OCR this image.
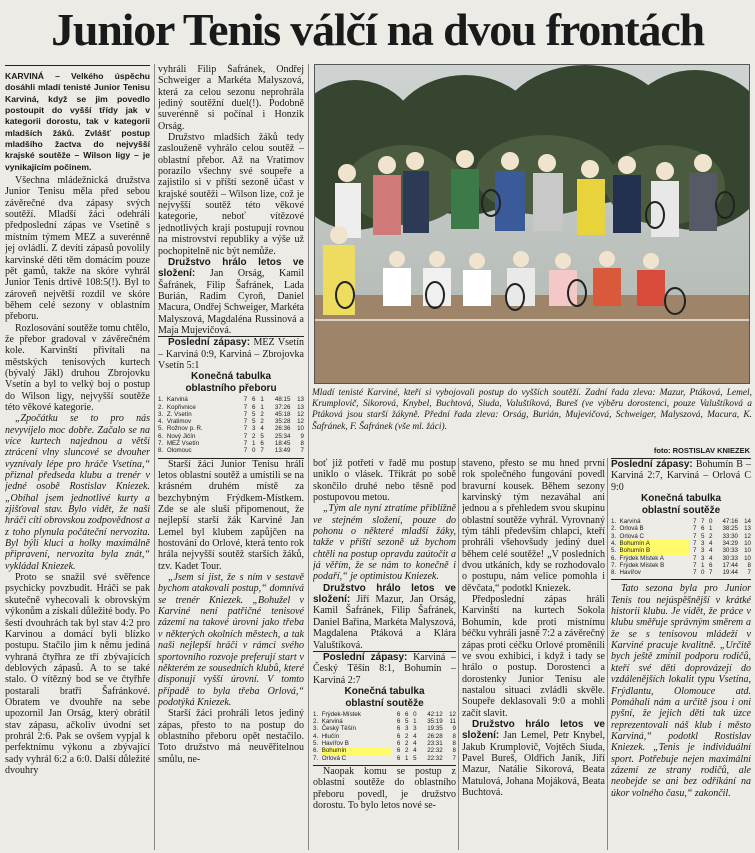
Junior Tenis válčí na dvou frontách

KARVINÁ – Velkého úspěchu dosáhli mladí tenisté Junior Tenisu Karviná, když se jim povedlo postoupit do vyšší třídy jak v kategorii dorostu, tak v kategorii mladších žáků. Zvlášť postup mladšího žactva do nejvyšší krajské soutěže – Wilson ligy – je vynikajícím počinem.

Všechna mládežnická družstva Junior Tenisu měla před sebou závěrečné dva zápasy svých soutěží. Mladší žáci odehráli předposlední zápas ve Vsetíně s místním týmem MEZ a suverénně jej ovládli. Z devíti zápasů povolily karvinské děti těm domácím pouze pět gamů, takže na skóre vyhrál Junior Tenis drtivě 108:5(!). Byl to zároveň největší rozdíl ve skóre během celé sezony v oblastním přeboru.

Rozlosování soutěže tomu chtělo, že přebor gradoval v závěrečném kole. Karvinští přivítali na městských tenisových kurtech (bývalý Jäkl) druhou Zbrojovku Vsetín a byl to velký boj o postup do Wilson ligy, nejvyšší soutěže této věkové kategorie.

„Zpočátku se to pro nás nevyvíjelo moc dobře. Začalo se na více kurtech najednou a větší ztrácení vlny sluncové se dvouher vyznívaly lépe pro hráče Vsetína,“ přiznal předseda klubu a trenér v jedné osobě Rostislav Kniezek. „Obíhal jsem jednotlivé kurty a zjišťoval stav. Bylo vidět, že naši hráči cítí obrovskou zodpovědnost a z toho plynula počáteční nervozita. Byl býli kluci a holky maximálně připravení, nervozita byla znát,“ vykládal Kniezek.

Proto se snažil své svěřence psychicky povzbudit. Hráči se pak skutečně vyhecovali k obrovským výkonům a získali důležité body. Po šesti dvouhrách tak byl stav 4:2 pro Karvinou a domácí byli blízko postupu. Stačilo jim k němu jediná vyhraná čtyřhra ze tří zbývajících deblových zápasů. A to se také stalo. O vítězný bod se ve čtyřhře postarali bratři Šafránkové. Obratem ve dvouhře na sebe upozornil Jan Orság, který obrátil stav zápasu, ačkoliv úvodní set prohrál 2:6. Pak se ovšem vypjal k perfektnímu výkonu a zbývající sady vyhrál 6:2 a 6:0. Další důležité dvouhry

vyhráli Filip Šafránek, Ondřej Schweiger a Markéta Malyszová, která za celou sezonu neprohrála jediný soutěžní duel(!). Podobně suverénně si počínal i Honzik Orság.

Družstvo mladších žáků tedy zaslouženě vyhrálo celou soutěž – oblastní přebor. Až na Vratimov porazilo všechny své soupeře a zajistilo si v příští sezoně účast v krajské soutěži – Wilson lize, což je nejvyšší soutěž této věkové kategorie, neboť vítězové jednotlivých kraji postupují rovnou na mistrovství republiky a výše už pochopitelně nic být nemůže.

Družstvo hrálo letos ve složení: Jan Orság, Kamil Šafránek, Filip Šafránek, Lada Burián, Radim Cyroň, Daniel Macura, Ondřej Schweiger, Markéta Malyszová, Magdaléna Russinová a Maja Mujevičová.

Poslední zápasy: MEZ Vsetín – Karviná 0:9, Karviná – Zbrojovka Vsetín 5:1

Konečná tabulka

oblastního přeboru

1.	Karviná	7	6	1	48:15	13
2.	Kopřivnice	7	6	1	37:26	13
3.	Z. Vsetín	7	5	2	45:18	12
4.	Vratimov	7	5	2	35:28	12
5.	Rožnov p. R.	7	3	4	26:36	10
6.	Nový Jičín	7	2	5	25:34	9
7.	MEZ Vsetín	7	1	6	18:45	8
8.	Olomouc	7	0	7	13:49	7

Starší žáci Junior Tenisu hráli letos oblastní soutěž a umístili se na krásném druhém místě za bezchybným Frýdkem-Místkem. Zde se ale sluší připomenout, že nejlepší starší žák Karviné Jan Lemel byl klubem zapůjčen na hostování do Orlové, která tento rok hrála nejvyšší soutěž starších žáků, tzv. Kadet Tour.

„Jsem si jist, že s ním v sestavě bychom atakovali postup,“ domnívá se trenér Kniezek. „Bohužel v Karviné není patřičné tenisové zázemí na takové úrovni jako třeba v některých okolních městech, a tak naši nejlepší hráči v rámci svého sportovního rozvoje preferují start v některém ze sousedních klubů, které disponují vyšší úrovní. V tomto případě to byla třeba Orlová,“ podotýká Kniezek.

Starší žáci prohráli letos jediný zápas, přesto to na postup do oblastního přeboru opět nestačilo. Toto družstvo má neuvěřitelnou smůlu, ne-

Mladí tenisté Karviné, kteří si vybojovali postup do vyšších soutěží. Zadní řada zleva: Mazur, Ptáková, Lemel, Krumplovič, Sikorová, Knybel, Buchtová, Siuda, Valuštíková, Bureš (ve výběru dorostenci, pouze Valuštíková a Ptáková jsou starší žákyně. Přední řada zleva: Orság, Burián, Mujevičová, Schweiger, Malyszová, Macura, K. Šafránek, F. Šafránek (vše ml. žáci).

foto: ROSTISLAV KNIEZEK

boť již potřetí v řadě mu postup uniklo o vlásek. Třikrát po sobě skončilo druhé nebo těsně pod postupovou metou.

„Tým ale nyní ztratíme přiblížně ve stejném složení, pouze do pohonu o některé mladší žáky, takže v příští sezoně už bychom chtěli na postup opravdu zaútočit a já věřím, že se nám to konečně i podaří,“ je optimistou Kniezek.

Družstvo hrálo letos ve složení: Jiří Mazur, Jan Orság, Kamil Šafránek, Filip Šafránek, Daniel Bařina, Markéta Malyszová, Magdalena Ptáková a Klára Valuštíková.

Poslední zápasy: Karviná – Český Těšín 8:1, Bohumín – Karviná 2:7

Konečná tabulka

oblastní soutěže

1.	Frýdek-Místek	6	6	0	42:12	12
2.	Karviná	6	5	1	35:19	11
3.	Český Těšín	6	3	3	19:35	9
4.	Hlučín	6	2	4	26:28	8
5.	Havířov B	6	2	4	23:31	8
6.	Bohumín	6	2	4	22:32	8
7.	Orlová C	6	1	5	22:32	7

Naopak komu se postup z oblastní soutěže do oblastního přeboru povedl, je družstvo dorostu. To bylo letos nové se-

staveno, přesto se mu hned první rok společného fungování povedl bravurní kousek. Během sezony karvinský tým nezaváhal ani jednou a s přehledem svou skupinu oblastní soutěže vyhrál. Vyrovnaný tým táhli především chlapci, kteří prohráli všehovšudy jediný duel během celé soutěže! „V posledních dvou utkáních, kdy se rozhodovalo o postupu, nám velice pomohla i děvčata,“ podotkl Kniezek.

Předposlední zápas hráli Karvinští na kurtech Sokola Bohumín, kde proti místnímu béčku vyhráli jasně 7:2 a závěrečný zápas proti céčku Orlové proměnili ve svou exhibici, i když i tady se hrálo o postup. Dorostenci a dorostenky Junior Tenisu ale nastalou situaci zvládli skvěle. Soupeře deklasovali 9:0 a mohli začít slavit.

Družstvo hrálo letos ve složení: Jan Lemel, Petr Knybel, Jakub Krumplovič, Vojtěch Siuda, Pavel Bureš, Oldřich Janík, Jiří Mazur, Natálie Sikorová, Beata Matulová, Johana Mojáková, Beata Buchtová.

Poslední zápasy: Bohumín B – Karviná 2:7, Karviná – Orlová C 9:0

Konečná tabulka

oblastní soutěže

1.	Karviná	7	7	0	47:16	14
2.	Orlová B	7	6	1	38:25	13
3.	Orlová C	7	5	2	33:30	12
4.	Bohumín A	7	3	4	34:29	10
5.	Bohumín B	7	3	4	30:33	10
6.	Frýdek Místek A	7	3	4	30:33	10
7.	Frýdek Místek B	7	1	6	17:44	8
8.	Havířov	7	0	7	19:44	7

Tato sezona byla pro Junior Tenis tou nejúspěšnější v krátké historii klubu. Je vidět, že práce v klubu směřuje správným směrem a že se s tenisovou mládeží v Karviné pracuje kvalitně. „Určitě bych ještě zmínil podporu rodičů, kteří své děti doprovázejí do vzdálenějších lokalit typu Vsetína, Frýdlantu, Olomouce atd. Pomáhali nám a určitě jsou i oni pyšní, že jejich děti tak úzce reprezentovali náš klub i město Karviná,“ podotkl Rostislav Kniezek. „Tenis je individuální sport. Potřebuje nejen maximální zázemí ze strany rodičů, ale neobejde se ani bez odříkání na úkor volného času,“ zakončil.
